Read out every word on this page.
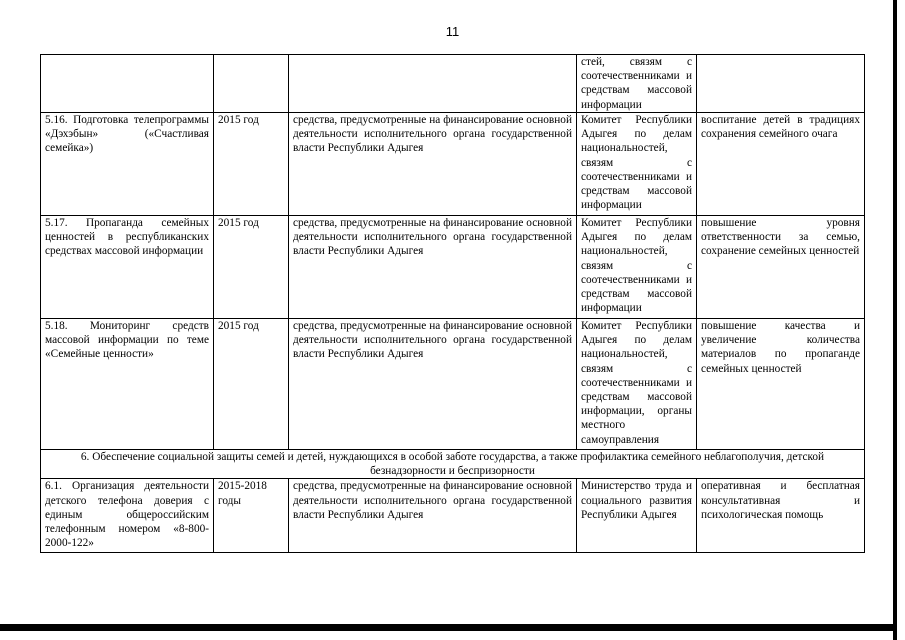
11
			стей, связям с соотечественниками и средствам массовой информации	
5.16. Подготовка телепрограммы «Дэхэбын» («Счастливая семейка»)	2015 год	средства, предусмотренные на финансирование основной деятельности исполнительного органа государственной власти Республики Адыгея	Комитет Республики Адыгея по делам национальностей, связям с соотечественниками и средствам массовой информации	воспитание детей в традициях сохранения семейного очага
5.17. Пропаганда семейных ценностей в республиканских средствах массовой информации	2015 год	средства, предусмотренные на финансирование основной деятельности исполнительного органа государственной власти Республики Адыгея	Комитет Республики Адыгея по делам национальностей, связям с соотечественниками и средствам массовой информации	повышение уровня ответственности за семью, сохранение семейных ценностей
5.18. Мониторинг средств массовой информации по теме «Семейные ценности»	2015 год	средства, предусмотренные на финансирование основной деятельности исполнительного органа государственной власти Республики Адыгея	Комитет Республики Адыгея по делам национальностей, связям с соотечественниками и средствам массовой информации, органы местного самоуправления	повышение качества и увеличение количества материалов по пропаганде семейных ценностей
6. Обеспечение социальной защиты семей и детей, нуждающихся в особой заботе государства, а также профилактика семейного неблагополучия, детской безнадзорности и беспризорности				
6.1. Организация деятельности детского телефона доверия с единым общероссийским телефонным номером «8-800-2000-122»	2015-2018 годы	средства, предусмотренные на финансирование основной деятельности исполнительного органа государственной власти Республики Адыгея	Министерство труда и социального развития Республики Адыгея	оперативная и бесплатная консультативная и психологическая помощь
